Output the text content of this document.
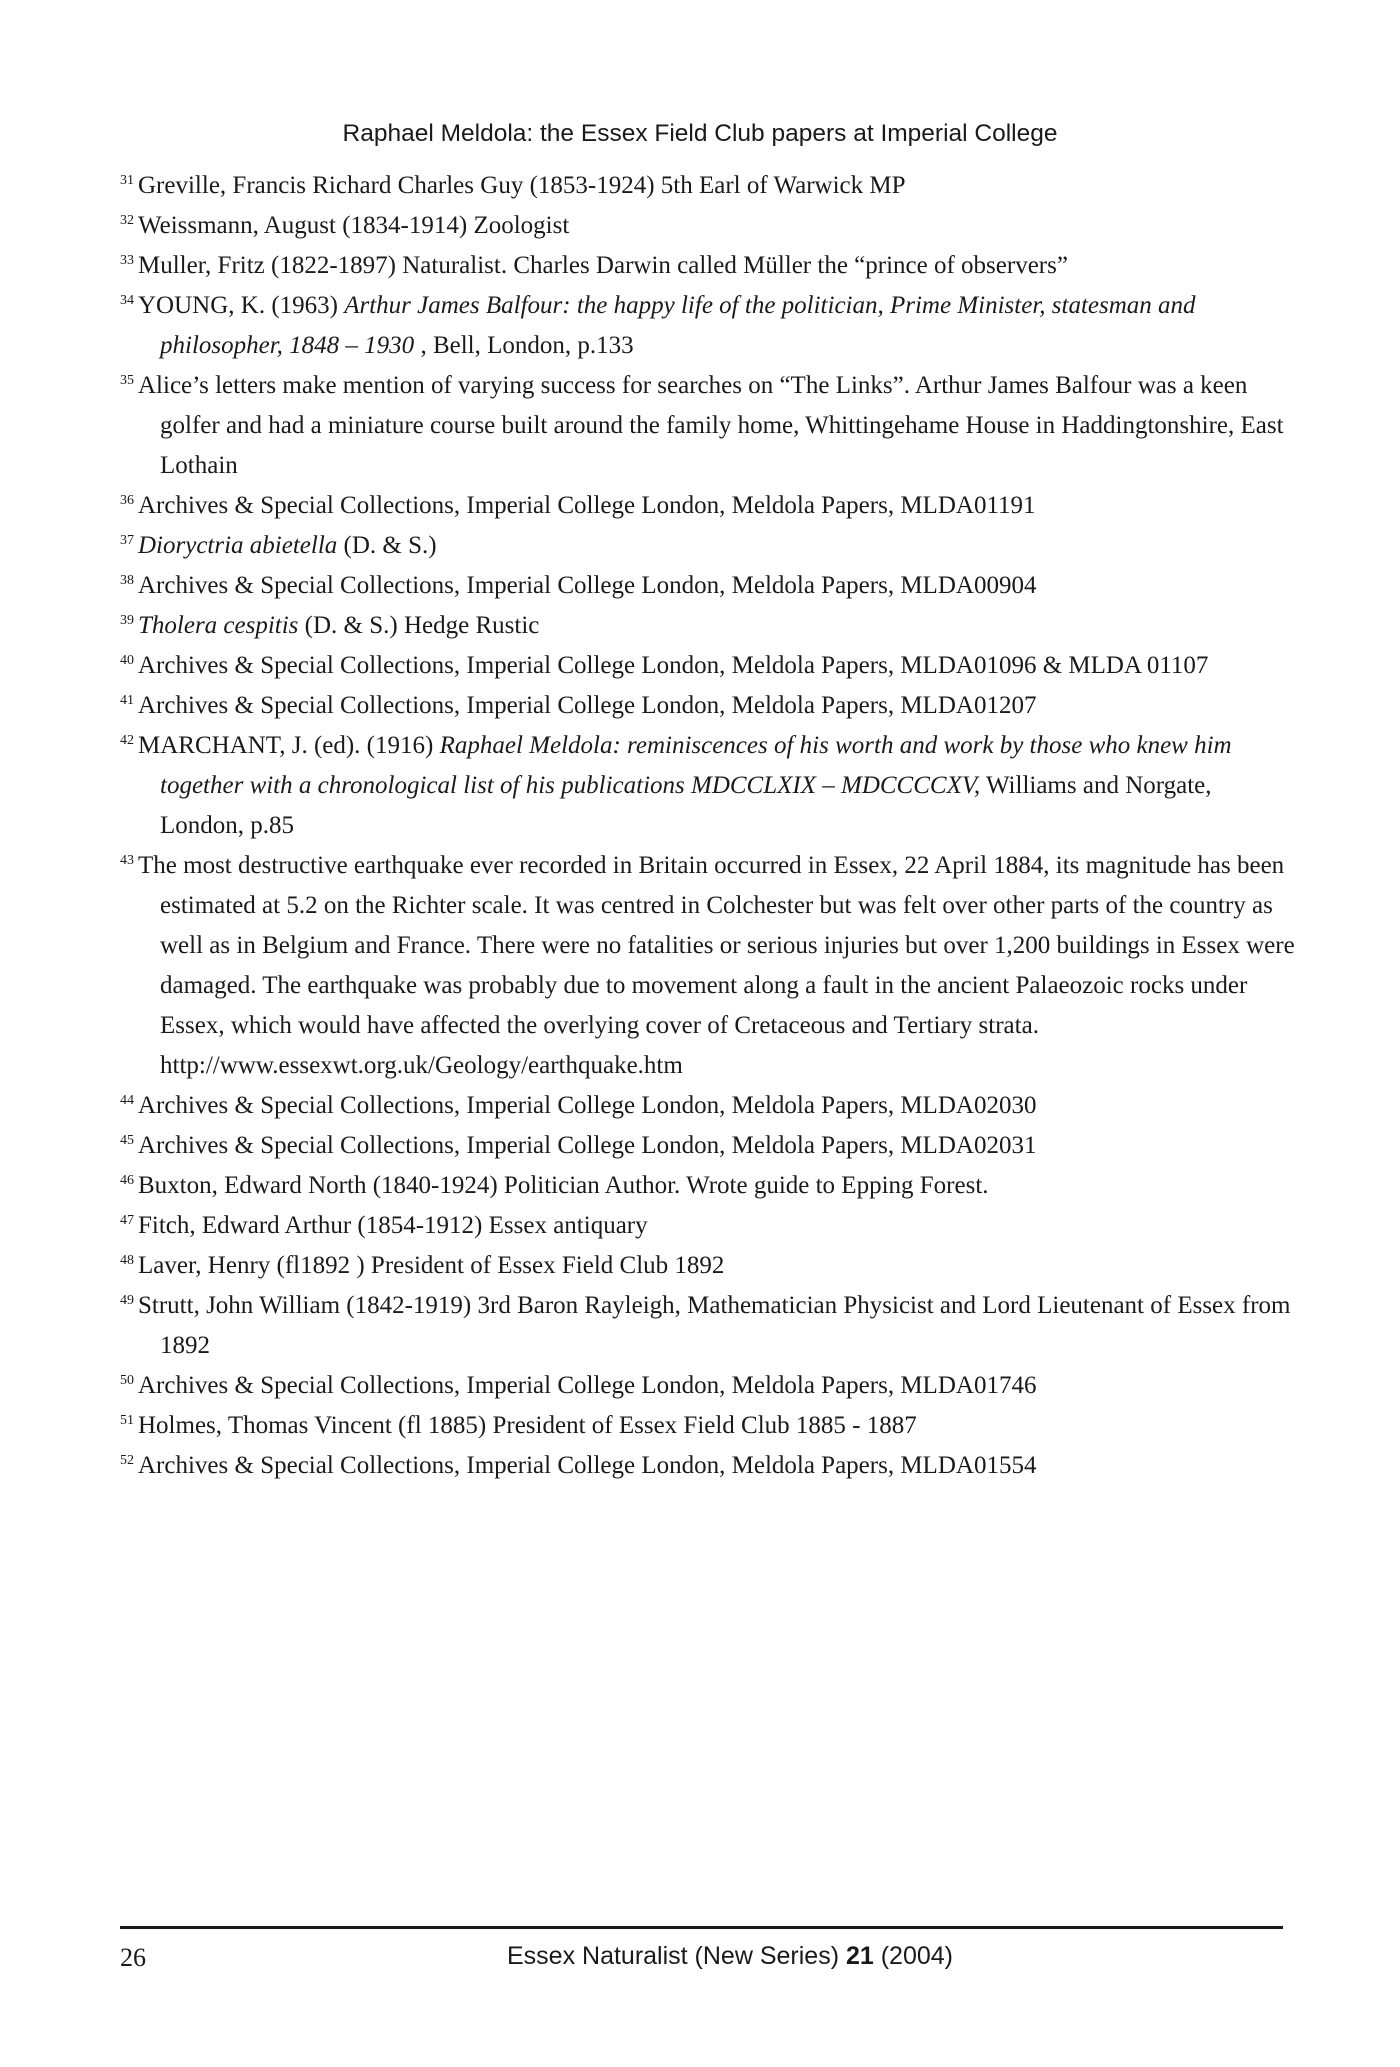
Raphael Meldola: the Essex Field Club papers at Imperial College

$^{31}$ Greville, Francis Richard Charles Guy (1853-1924) 5th Earl of Warwick MP

$^{32}$ Weissmann, August (1834-1914) Zoologist

$^{33}$ Muller, Fritz (1822-1897) Naturalist. Charles Darwin called Müller the “prince of observers”

$^{34}$ YOUNG, K. (1963) Arthur James Balfour: the happy life of the politician, Prime Minister, statesman and philosopher, 1848 – 1930 , Bell, London, p.133

$^{35}$ Alice’s letters make mention of varying success for searches on “The Links”. Arthur James Balfour was a keen golfer and had a miniature course built around the family home, Whittingehame House in Haddingtonshire, East Lothain

$^{36}$ Archives & Special Collections, Imperial College London, Meldola Papers, MLDA01191

$^{37}$ Dioryctria abietella (D. & S.)

$^{38}$ Archives & Special Collections, Imperial College London, Meldola Papers, MLDA00904

$^{39}$ Tholera cespitis (D. & S.) Hedge Rustic

$^{40}$ Archives & Special Collections, Imperial College London, Meldola Papers, MLDA01096 & MLDA 01107

$^{41}$ Archives & Special Collections, Imperial College London, Meldola Papers, MLDA01207

$^{42}$ MARCHANT, J. (ed). (1916) Raphael Meldola: reminiscences of his worth and work by those who knew him together with a chronological list of his publications MDCCLXIX – MDCCCCXV, Williams and Norgate, London, p.85

$^{43}$ The most destructive earthquake ever recorded in Britain occurred in Essex, 22 April 1884, its magnitude has been estimated at 5.2 on the Richter scale. It was centred in Colchester but was felt over other parts of the country as well as in Belgium and France. There were no fatalities or serious injuries but over 1,200 buildings in Essex were damaged. The earthquake was probably due to movement along a fault in the ancient Palaeozoic rocks under Essex, which would have affected the overlying cover of Cretaceous and Tertiary strata. http://www.essexwt.org.uk/Geology/earthquake.htm

$^{44}$ Archives & Special Collections, Imperial College London, Meldola Papers, MLDA02030

$^{45}$ Archives & Special Collections, Imperial College London, Meldola Papers, MLDA02031

$^{46}$ Buxton, Edward North (1840-1924) Politician Author. Wrote guide to Epping Forest.

$^{47}$ Fitch, Edward Arthur (1854-1912) Essex antiquary

$^{48}$ Laver, Henry (fl1892 ) President of Essex Field Club 1892

$^{49}$ Strutt, John William (1842-1919) 3rd Baron Rayleigh, Mathematician Physicist and Lord Lieutenant of Essex from 1892

$^{50}$ Archives & Special Collections, Imperial College London, Meldola Papers, MLDA01746

$^{51}$ Holmes, Thomas Vincent (fl 1885) President of Essex Field Club 1885 - 1887

$^{52}$ Archives & Special Collections, Imperial College London, Meldola Papers, MLDA01554

26	Essex Naturalist (New Series) 21 (2004)
